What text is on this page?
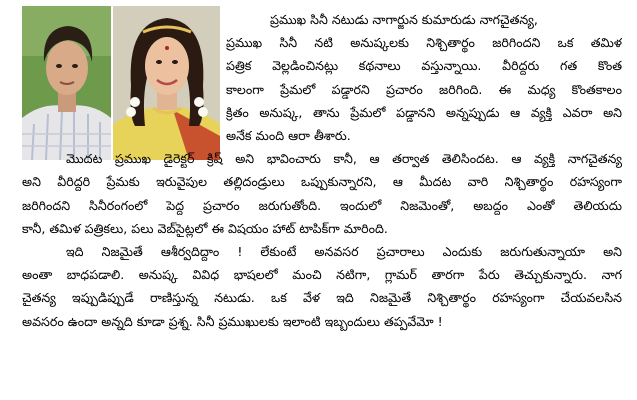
ప్రముఖ సినీ నటుడు నాగార్జున కుమారుడు నాగచైతన్య,
ప్రముఖ సినీ నటి అనుష్కలకు నిశ్చితార్థం జరిగిందని ఒక తమిళ
పత్రిక వెల్లడించినట్లు కథనాలు వస్తున్నాయి. వీరిద్దరు గత కొంత
కాలంగా ప్రేమలో పడ్డారని ప్రచారం జరిగింది. ఈ మధ్య కొంతకాలం
క్రితం అనుష్క, తాను ప్రేమలో పడ్డానని అన్నప్పుడు ఆ వ్యక్తి ఎవరా అని
అనేక మంది ఆరా తీశారు.
మొదట ప్రముఖ డైరెక్టర్ క్రిష్ అని భావించారు కానీ, ఆ తర్వాత తెలిసిందట. ఆ వ్యక్తి నాగచైతన్య
అని వీరిద్దరి ప్రేమకు ఇరువైపుల తల్లిదండ్రులు ఒప్పుకున్నారని, ఆ మీదట వారి నిశ్చితార్థం రహస్యంగా
జరిగిందని సినీరంగంలో పెద్ద ప్రచారం జరుగుతోంది. ఇందులో నిజమెంతో, అబద్దం ఎంతో తెలియదు
కానీ, తమిళ పత్రికలు, పలు వెబ్‌సైట్లలో ఈ విషయం హాట్ టాపిక్‌గా మారింది.
ఇది నిజమైతే ఆశీర్వదిద్దాం ! లేకుంటే అనవసర ప్రచారాలు ఎందుకు జరుగుతున్నాయా అని
అంతా బాధపడాలి. అనుష్క వివిధ భాషలలో మంచి నటిగా, గ్లామర్ తారగా పేరు తెచ్చుకున్నారు. నాగ
చైతన్య ఇప్పుడిప్పుడే రాణిస్తున్న నటుడు. ఒక వేళ ఇది నిజమైతే నిశ్చితార్థం రహస్యంగా చేయవలసిన
అవసరం ఉందా అన్నది కూడా ప్రశ్న. సినీ ప్రముఖులకు ఇలాంటి ఇబ్బందులు తప్పవేమో !
